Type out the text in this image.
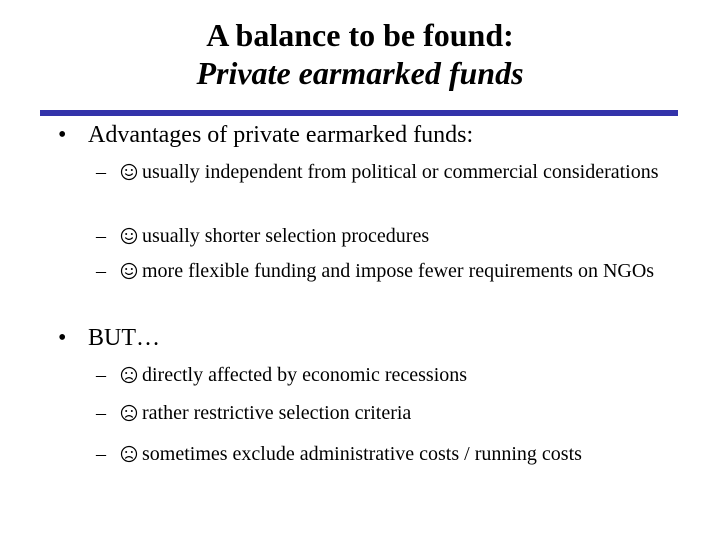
A balance to be found:
Private earmarked funds
• Advantages of private earmarked funds:
–	usually independent from political or commercial considerations
–	usually shorter selection procedures
–	more flexible funding and impose fewer requirements on NGOs
• BUT…
–	directly affected by economic recessions
–	rather restrictive selection criteria
–	sometimes exclude administrative costs / running costs
